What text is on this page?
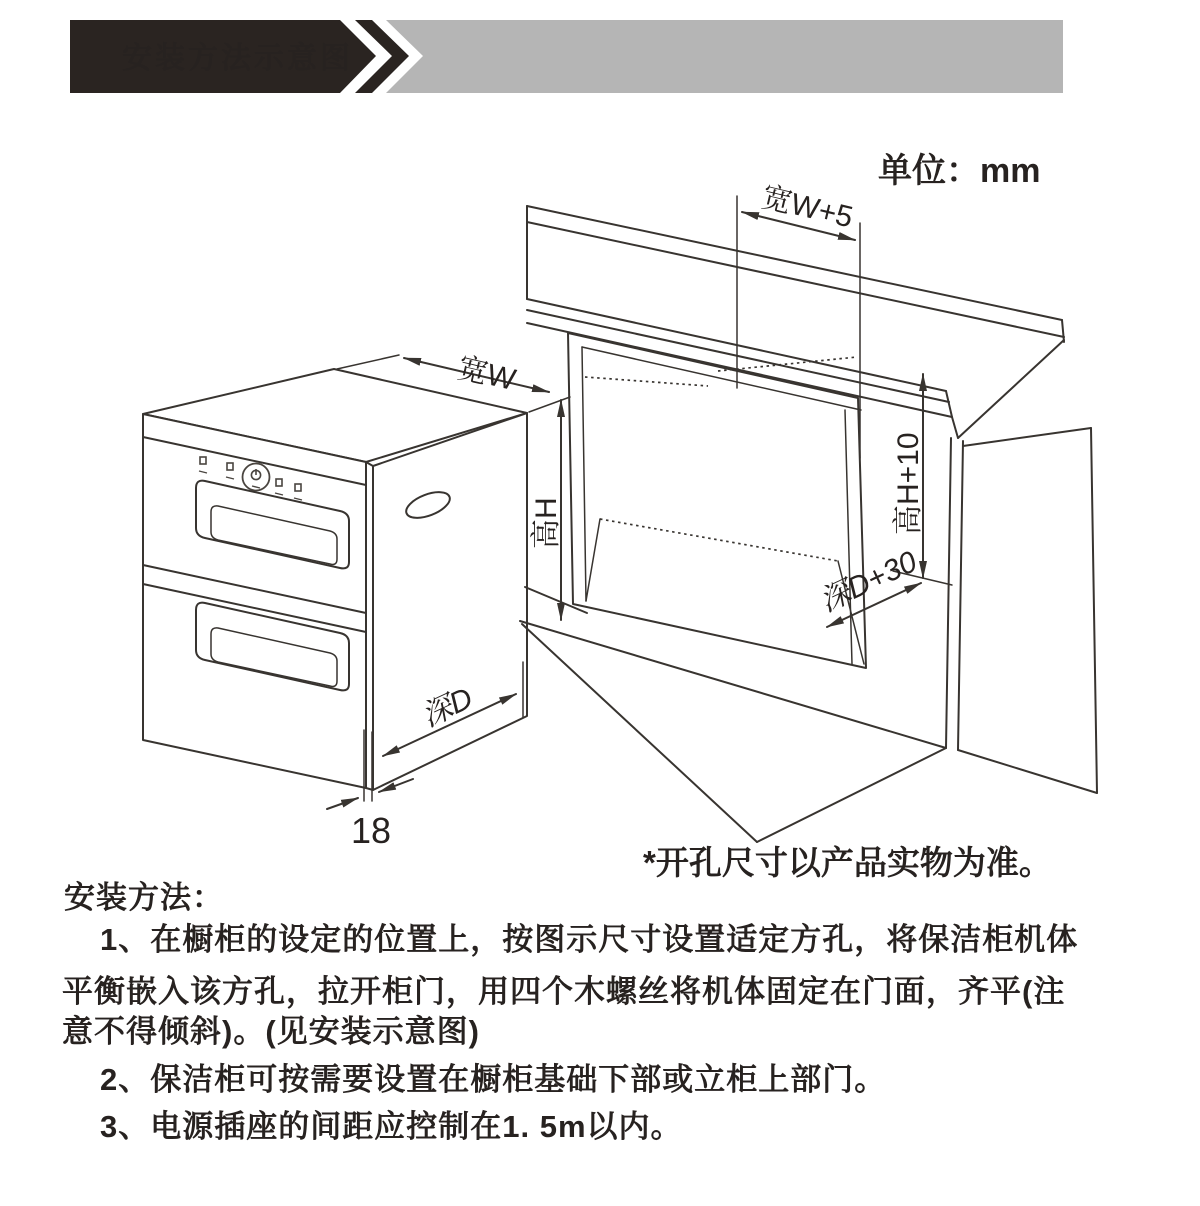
安装方法示意图
单位：mm
宽W+5
宽W
高H	高H+10
深D+30
深D
18
*开孔尺寸以产品实物为准。
安装方法：
1、在橱柜的设定的位置上，按图示尺寸设置适定方孔，将保洁柜机体
平衡嵌入该方孔，拉开柜门，用四个木螺丝将机体固定在门面，齐平(注
意不得倾斜)。(见安装示意图)
2、保洁柜可按需要设置在橱柜基础下部或立柜上部门。
3、电源插座的间距应控制在1. 5m以内。
